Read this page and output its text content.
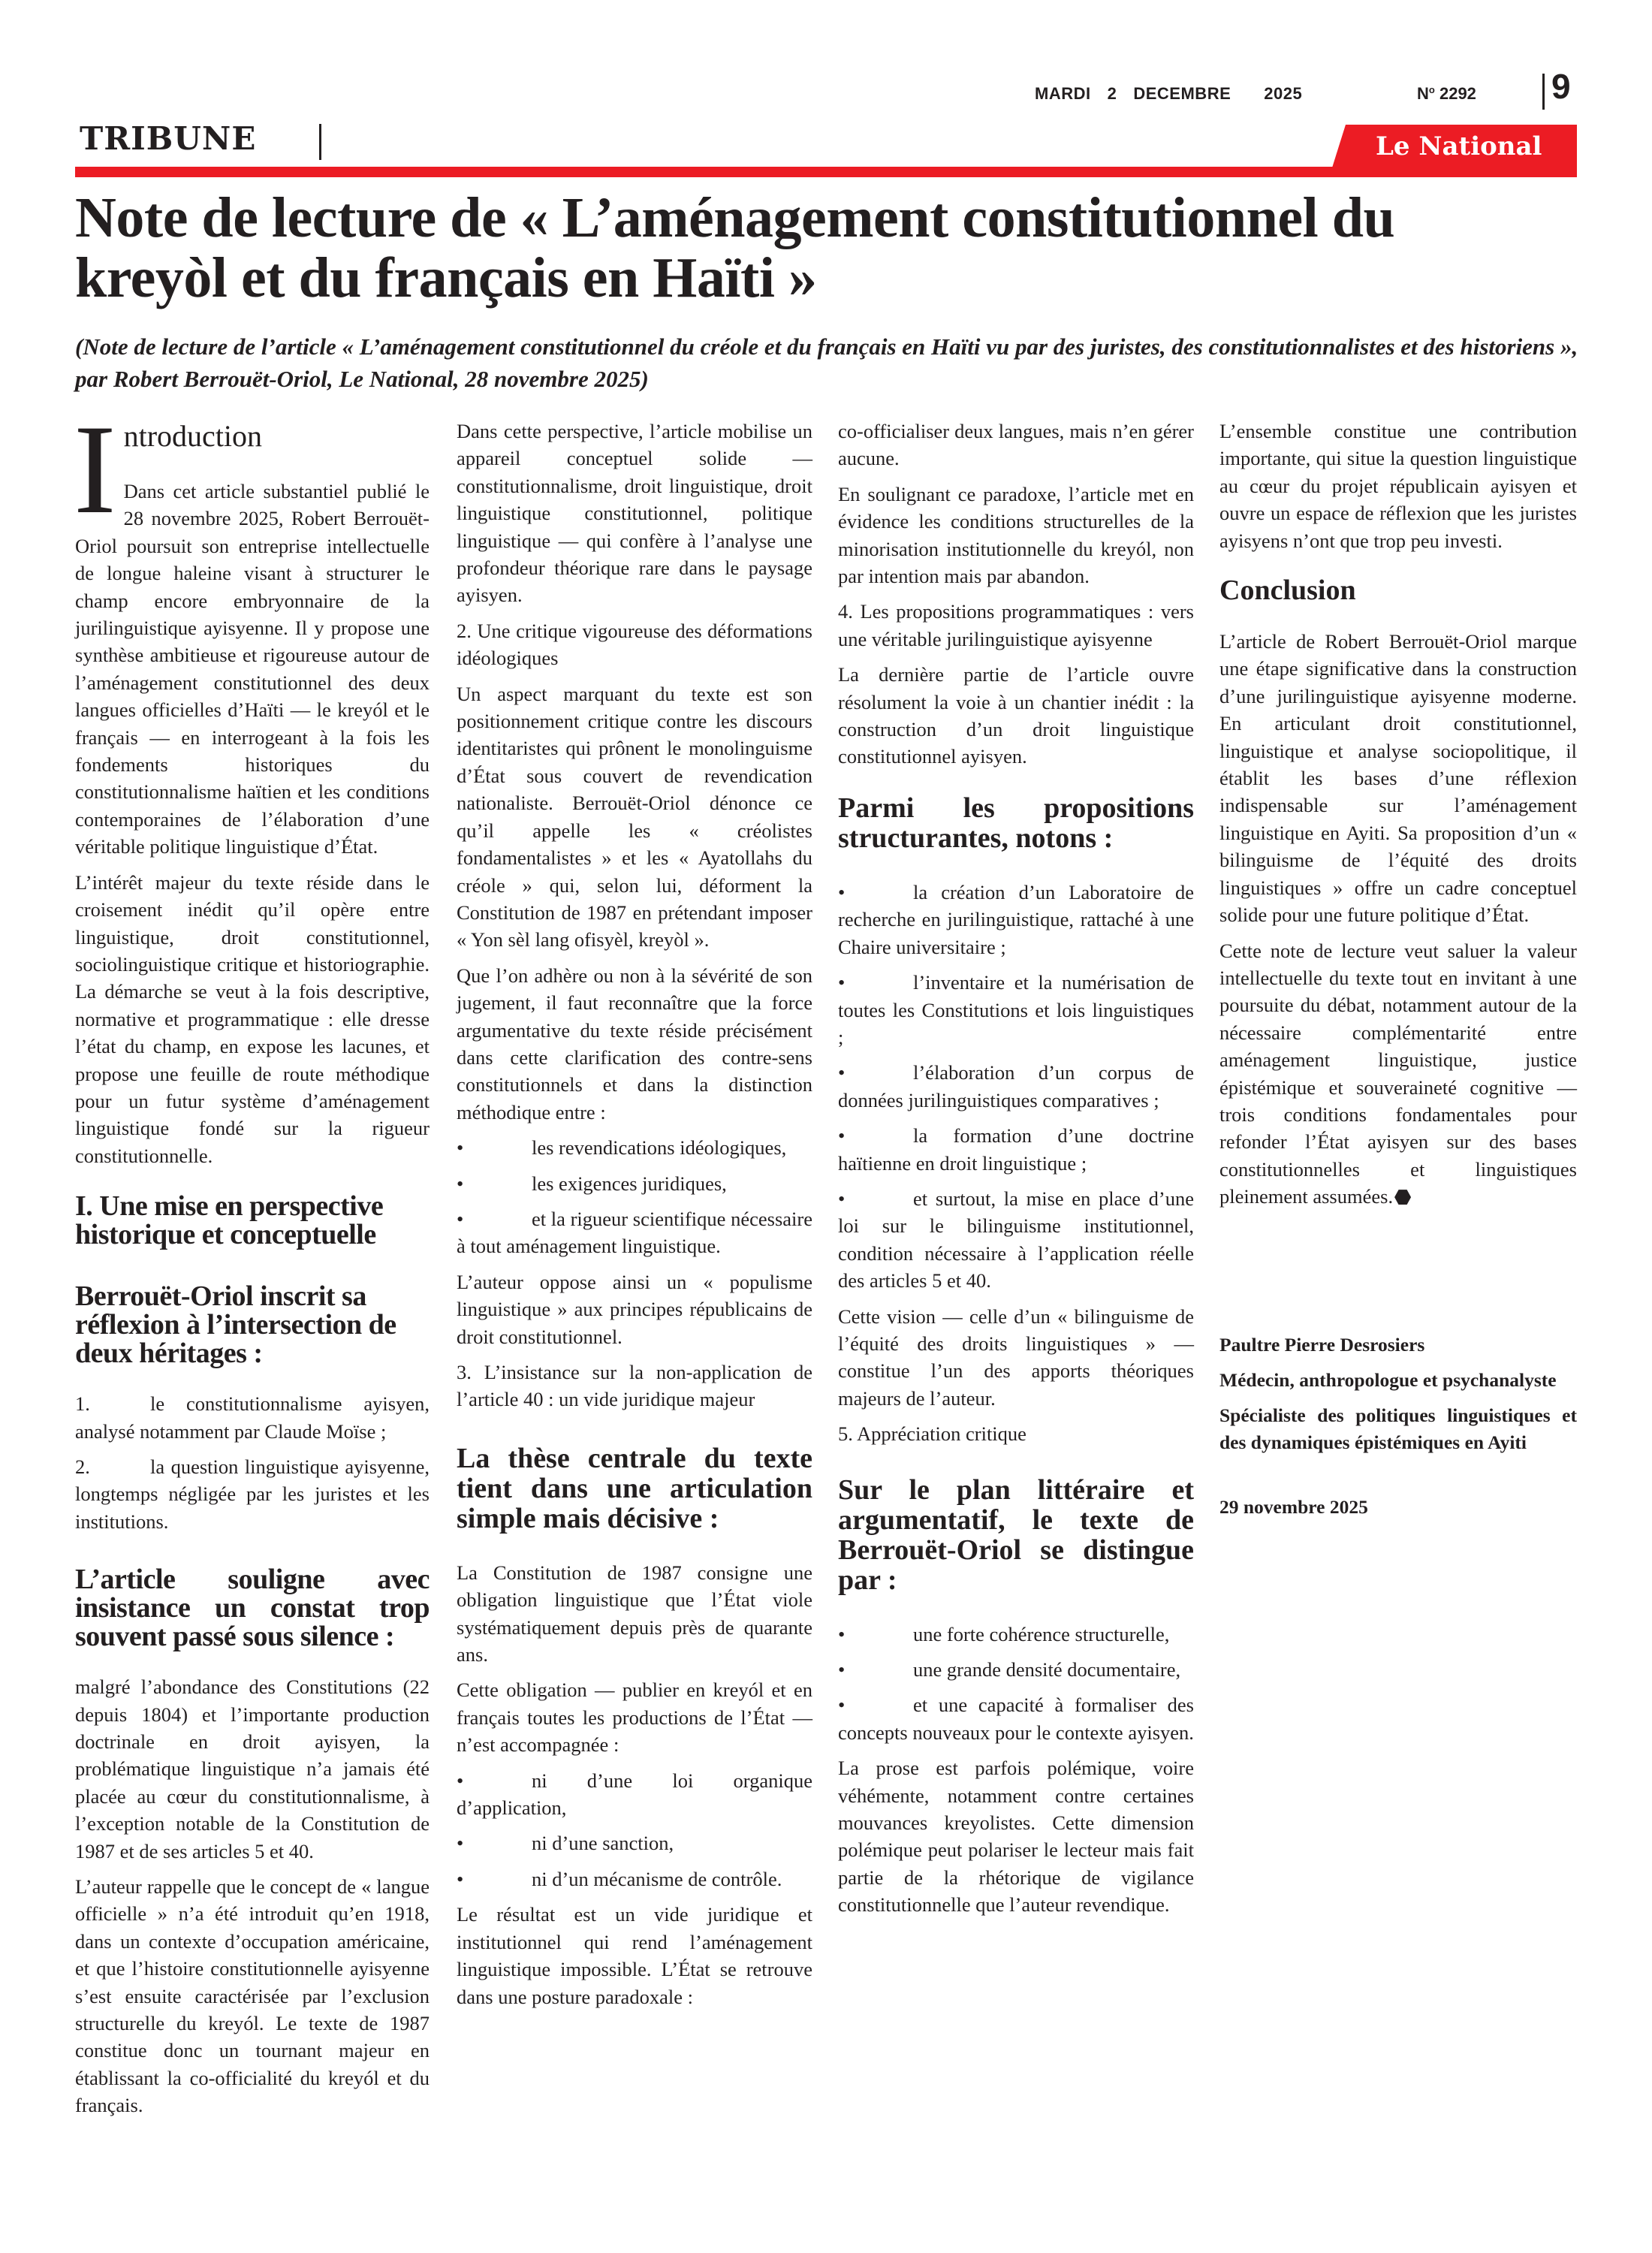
MARDI 2 DECEMBRE 2025	$N^o$ 2292 9
TRIBUNE	Le National
Note de lecture de « L’aménagement constitutionnel du
kreyòl et du français en Haïti »
(Note de lecture de l’article « L’aménagement constitutionnel du créole et du français en Haïti vu par des juristes, des constitutionnalistes et des historiens », par Robert Berrouët-Oriol, Le National, 28 novembre 2025)
I ntroduction

Dans cet article substantiel publié le 28 novembre 2025, Robert Berrouët-Oriol poursuit son entreprise intellectuelle de longue haleine visant à structurer le champ encore embryonnaire de la jurilinguistique ayisyenne. Il y propose une synthèse ambitieuse et rigoureuse autour de l’aménagement constitutionnel des deux langues officielles d’Haïti — le kreyól et le français — en interrogeant à la fois les fondements historiques du constitutionnalisme haïtien et les conditions contemporaines de l’élaboration d’une véritable politique linguistique d’État.

L’intérêt majeur du texte réside dans le croisement inédit qu’il opère entre linguistique, droit constitutionnel, sociolinguistique critique et historiographie. La démarche se veut à la fois descriptive, normative et programmatique : elle dresse l’état du champ, en expose les lacunes, et propose une feuille de route méthodique pour un futur système d’aménagement linguistique fondé sur la rigueur constitutionnelle.

I. Une mise en perspective historique et conceptuelle
Berrouët-Oriol inscrit sa réflexion à l’intersection de deux héritages :

1.	le constitutionnalisme ayisyen, analysé notamment par Claude Moïse ;

2.	la question linguistique ayisyenne, longtemps négligée par les juristes et les institutions.

L’article souligne avec insistance un constat trop souvent passé sous silence :

malgré l’abondance des Constitutions (22 depuis 1804) et l’importante production doctrinale en droit ayisyen, la problématique linguistique n’a jamais été placée au cœur du constitutionnalisme, à l’exception notable de la Constitution de 1987 et de ses articles 5 et 40.

L’auteur rappelle que le concept de « langue officielle » n’a été introduit qu’en 1918, dans un contexte d’occupation américaine, et que l’histoire constitutionnelle ayisyenne s’est ensuite caractérisée par l’exclusion structurelle du kreyól. Le texte de 1987 constitue donc un tournant majeur en établissant la co-officialité du kreyól et du français.

Dans cette perspective, l’article mobilise un appareil conceptuel solide — constitutionnalisme, droit linguistique, droit linguistique constitutionnel, politique linguistique — qui confère à l’analyse une profondeur théorique rare dans le paysage ayisyen.

2. Une critique vigoureuse des déformations idéologiques

Un aspect marquant du texte est son positionnement critique contre les discours identitaristes qui prônent le monolinguisme d’État sous couvert de revendication nationaliste. Berrouët-Oriol dénonce ce qu’il appelle les « créolistes fondamentalistes » et les « Ayatollahs du créole » qui, selon lui, déforment la Constitution de 1987 en prétendant imposer « Yon sèl lang ofisyèl, kreyòl ».

Que l’on adhère ou non à la sévérité de son jugement, il faut reconnaître que la force argumentative du texte réside précisément dans cette clarification des contre-sens constitutionnels et dans la distinction méthodique entre :

•	les revendications idéologiques,

•	les exigences juridiques,

•	et la rigueur scientifique nécessaire à tout aménagement linguistique.

L’auteur oppose ainsi un « populisme linguistique » aux principes républicains de droit constitutionnel.

3. L’insistance sur la non-application de l’article 40 : un vide juridique majeur

La thèse centrale du texte tient dans une articulation simple mais décisive :

La Constitution de 1987 consigne une obligation linguistique que l’État viole systématiquement depuis près de quarante ans.

Cette obligation — publier en kreyól et en français toutes les productions de l’État — n’est accompagnée :

•	ni d’une loi organique d’application,

•	ni d’une sanction,

•	ni d’un mécanisme de contrôle.

Le résultat est un vide juridique et institutionnel qui rend l’aménagement linguistique impossible. L’État se retrouve dans une posture paradoxale :

co-officialiser deux langues, mais n’en gérer aucune.

En soulignant ce paradoxe, l’article met en évidence les conditions structurelles de la minorisation institutionnelle du kreyól, non par intention mais par abandon.

4. Les propositions programmatiques : vers une véritable jurilinguistique ayisyenne

La dernière partie de l’article ouvre résolument la voie à un chantier inédit : la construction d’un droit linguistique constitutionnel ayisyen.

Parmi les propositions structurantes, notons :

•	la création d’un Laboratoire de recherche en jurilinguistique, rattaché à une Chaire universitaire ;

•	l’inventaire et la numérisation de toutes les Constitutions et lois linguistiques ;

•	l’élaboration d’un corpus de données jurilinguistiques comparatives ;

•	la formation d’une doctrine haïtienne en droit linguistique ;

•	et surtout, la mise en place d’une loi sur le bilinguisme institutionnel, condition nécessaire à l’application réelle des articles 5 et 40.

Cette vision — celle d’un « bilinguisme de l’équité des droits linguistiques » — constitue l’un des apports théoriques majeurs de l’auteur.

5. Appréciation critique

Sur le plan littéraire et argumentatif, le texte de Berrouët-Oriol se distingue par :

•	une forte cohérence structurelle,

•	une grande densité documentaire,

•	et une capacité à formaliser des concepts nouveaux pour le contexte ayisyen.

La prose est parfois polémique, voire véhémente, notamment contre certaines mouvances kreyolistes. Cette dimension polémique peut polariser le lecteur mais fait partie de la rhétorique de vigilance constitutionnelle que l’auteur revendique.

L’ensemble constitue une contribution importante, qui situe la question linguistique au cœur du projet républicain ayisyen et ouvre un espace de réflexion que les juristes ayisyens n’ont que trop peu investi.

Conclusion

L’article de Robert Berrouët-Oriol marque une étape significative dans la construction d’une jurilinguistique ayisyenne moderne. En articulant droit constitutionnel, linguistique et analyse sociopolitique, il établit les bases d’une réflexion indispensable sur l’aménagement linguistique en Ayiti. Sa proposition d’un « bilinguisme de l’équité des droits linguistiques » offre un cadre conceptuel solide pour une future politique d’État.

Cette note de lecture veut saluer la valeur intellectuelle du texte tout en invitant à une poursuite du débat, notamment autour de la nécessaire complémentarité entre aménagement linguistique, justice épistémique et souveraineté cognitive — trois conditions fondamentales pour refonder l’État ayisyen sur des bases constitutionnelles et linguistiques pleinement assumées.

Paultre Pierre Desrosiers

Médecin, anthropologue et psychanalyste

Spécialiste des politiques linguistiques et des dynamiques épistémiques en Ayiti

29 novembre 2025
